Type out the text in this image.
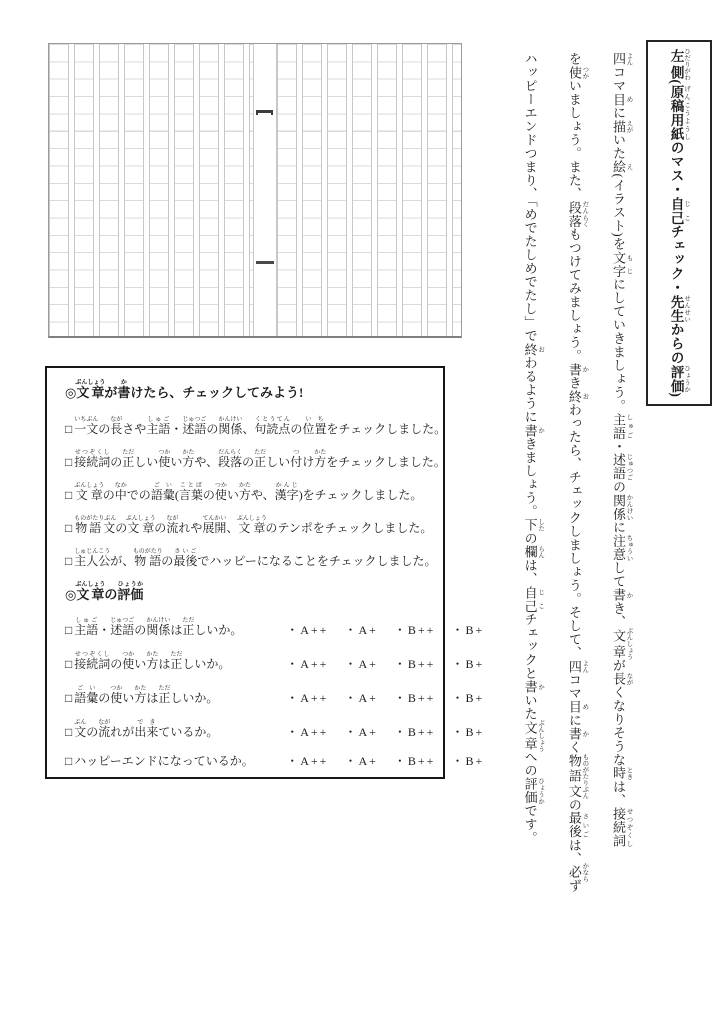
左側 ひだりがわ(原稿用紙 げんこうようしのマス・自己 じこチェック・先生 せんせいからの評価 ひょうか)

四 よんコマ目 めに描 えがいた絵 え(イラスト)を文字 もじにしていきましょう。主語 しゅご・述語 じゅつごの関係 かんけいに注意 ちゅういして書 かき、文章 ぶんしょうが長 ながくなりそうな時 ときは、接続詞 せつぞくし

を使 つかいましょう。また、段落 だんらくもつけてみましょう。書 かき終 おわったら、チェックしましょう。そして、四 よんコマ目 めに書 かく物語文 ものがたりぶんの最後 さいごは、必 かならず

ハッピーエンドつまり、「めでたしめでたし」で終 おわるように書 かきましょう。下 したの欄 らんは、自己 じこチェックと書 かいた文章 ぶんしょうへの評価 ひょうかです。

◎文章ぶんしょうが書かけたら、チェックしてみよう!
□ 一文いちぶんの長ながさや主語しゅご・述語じゅつごの関係かんけい、句読点くとうてんの位置いちをチェックしました。
□ 接続詞せつぞくしの正ただしい使つかい方かたや、段落だんらくの正ただしい付つけ方かたをチェックしました。
□ 文章ぶんしょうの中なかでの語彙ごい(言葉ことばの使つかい方かたや、漢字かんじ)をチェックしました。
□ 物語文ものがたりぶんの文章ぶんしょうの流ながれや展開てんかい、文章ぶんしょうのテンポをチェックしました。
□ 主人公しゅじんこうが、物語ものがたりの最後さいごでハッピーになることをチェックしました。
◎文章ぶんしょうの評価ひょうか
□ 主語しゅご・述語じゅつごの関係かんけいは正ただしいか。	・A++ ・A+ ・B++ ・B+
□ 接続詞せつぞくしの使つかい方かたは正ただしいか。	・A++ ・A+ ・B++ ・B+
□ 語彙ごいの使つかい方かたは正ただしいか。	・A++ ・A+ ・B++ ・B+
□ 文ぶんの流ながれが出来できているか。	・A++ ・A+ ・B++ ・B+
□ ハッピーエンドになっているか。	・A++ ・A+ ・B++ ・B+
